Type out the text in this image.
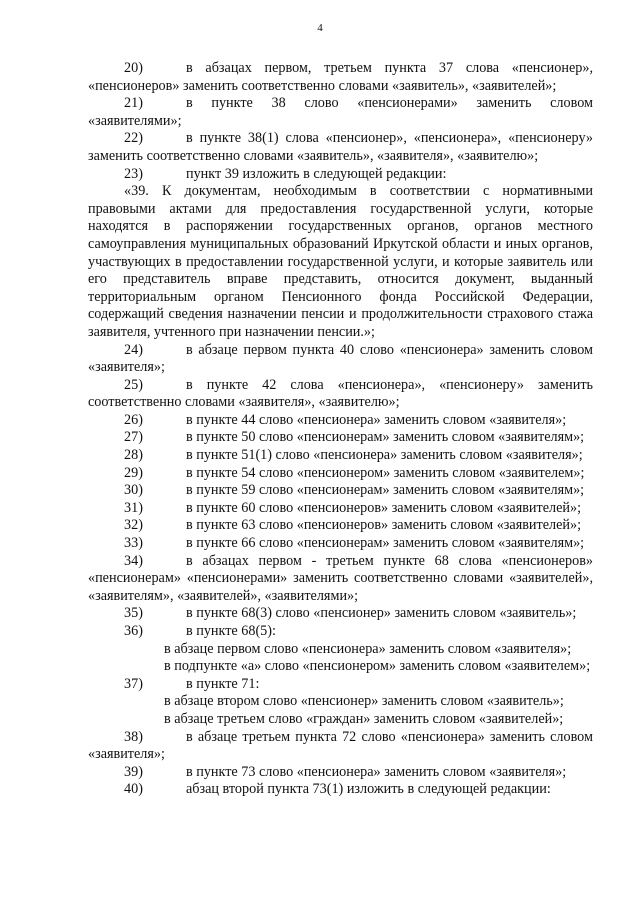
4

20)	в абзацах первом, третьем пункта 37 слова «пенсионер», «пенсионеров» заменить соответственно словами «заявитель», «заявителей»;

21)	в пункте 38 слово «пенсионерами» заменить словом «заявителями»;

22)	в пункте 38(1) слова «пенсионер», «пенсионера», «пенсионеру» заменить соответственно словами «заявитель», «заявителя», «заявителю»;

23)	пункт 39 изложить в следующей редакции:

«39. К документам, необходимым в соответствии с нормативными правовыми актами для предоставления государственной услуги, которые находятся в распоряжении государственных органов, органов местного самоуправления муниципальных образований Иркутской области и иных органов, участвующих в предоставлении государственной услуги, и которые заявитель или его представитель вправе представить, относится документ, выданный территориальным органом Пенсионного фонда Российской Федерации, содержащий сведения назначении пенсии и продолжительности страхового стажа заявителя, учтенного при назначении пенсии.»;

24)	в абзаце первом пункта 40 слово «пенсионера» заменить словом «заявителя»;

25)	в пункте 42 слова «пенсионера», «пенсионеру» заменить соответственно словами «заявителя», «заявителю»;

26)	в пункте 44 слово «пенсионера» заменить словом «заявителя»;

27)	в пункте 50 слово «пенсионерам» заменить словом «заявителям»;

28)	в пункте 51(1) слово «пенсионера» заменить словом «заявителя»;

29)	в пункте 54 слово «пенсионером» заменить словом «заявителем»;

30)	в пункте 59 слово «пенсионерам» заменить словом «заявителям»;

31)	в пункте 60 слово «пенсионеров» заменить словом «заявителей»;

32)	в пункте 63 слово «пенсионеров» заменить словом «заявителей»;

33)	в пункте 66 слово «пенсионерам» заменить словом «заявителям»;

34)	в абзацах первом - третьем пункте 68 слова «пенсионеров» «пенсионерам» «пенсионерами» заменить соответственно словами «заявителей», «заявителям», «заявителей», «заявителями»;

35)	в пункте 68(3) слово «пенсионер» заменить словом «заявитель»;

36)	в пункте 68(5):

в абзаце первом слово «пенсионера» заменить словом «заявителя»;

в подпункте «а» слово «пенсионером» заменить словом «заявителем»;

37)	в пункте 71:

в абзаце втором слово «пенсионер» заменить словом «заявитель»;

в абзаце третьем слово «граждан» заменить словом «заявителей»;

38)	в абзаце третьем пункта 72 слово «пенсионера» заменить словом «заявителя»;

39)	в пункте 73 слово «пенсионера» заменить словом «заявителя»;

40)	абзац второй пункта 73(1) изложить в следующей редакции:
